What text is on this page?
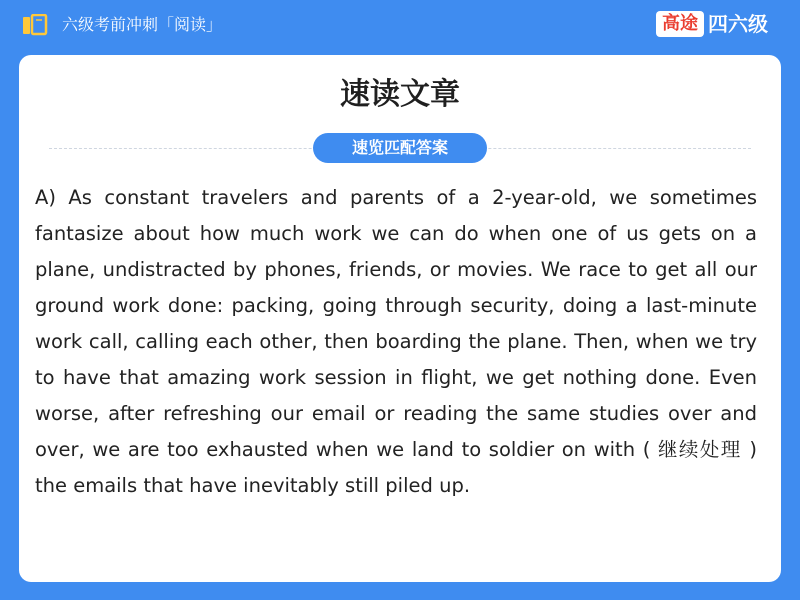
六级考前冲刺「阅读」	高途 四六级
速读文章
速览匹配答案

A) As constant travelers and parents of a 2-year-old, we sometimes fantasize about how much work we can do when one of us gets on a plane, undistracted by phones, friends, or movies. We race to get all our ground work done: packing, going through security, doing a last-minute work call, calling each other, then boarding the plane. Then, when we try to have that amazing work session in flight, we get nothing done. Even worse, after refreshing our email or reading the same studies over and over, we are too exhausted when we land to soldier on with ( 继续处理 ) the emails that have inevitably still piled up.
